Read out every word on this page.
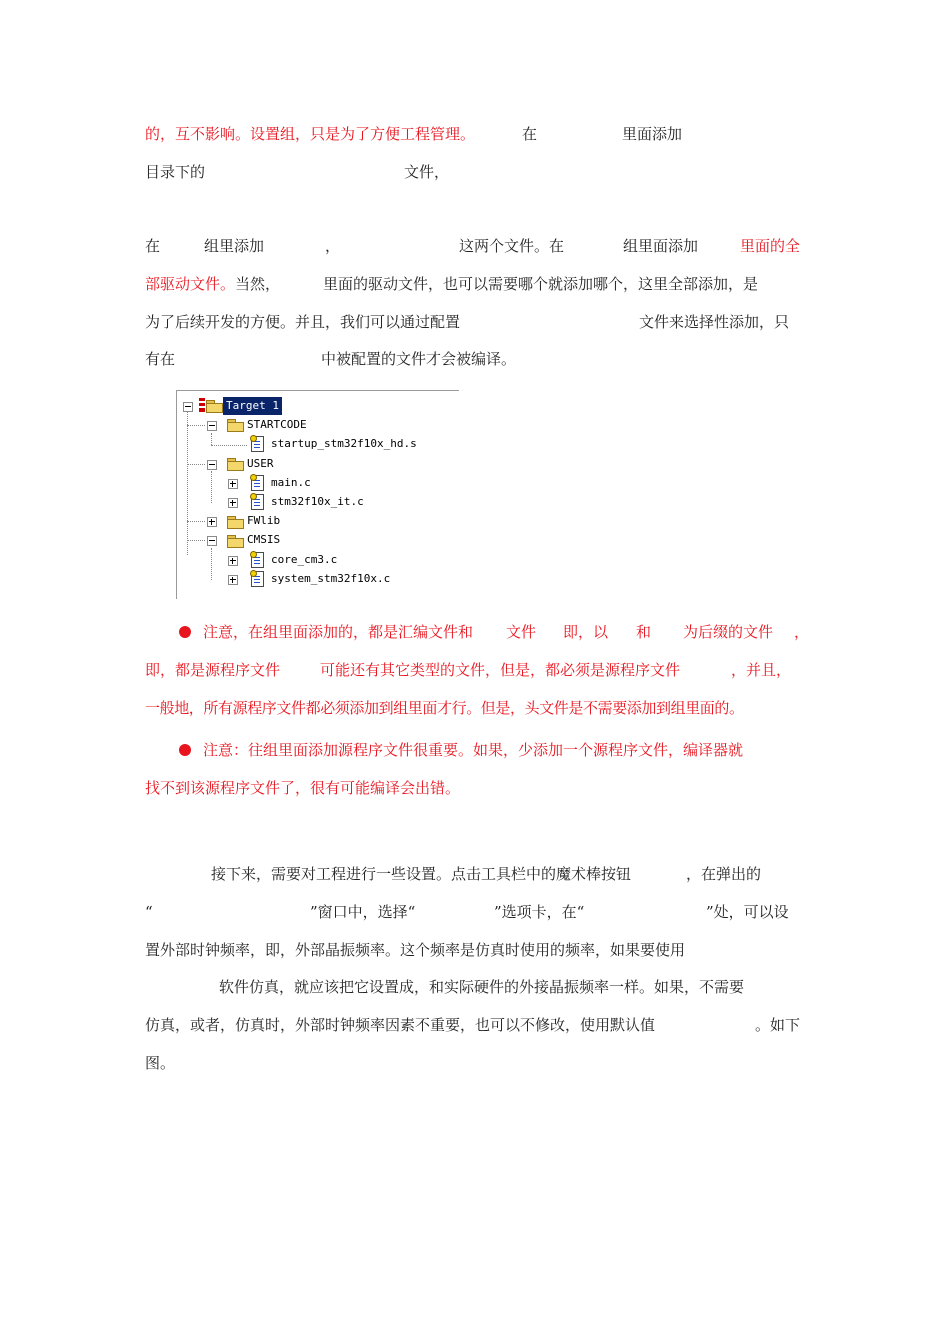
的，互不影响。设置组，只是为了方便工程管理。	在	里面添加
目录下的	文件，
在	组里添加	，	这两个文件。在	组里面添加	里面的全
部驱动文件。 当然，	里面的驱动文件，也可以需要哪个就添加哪个，这里全部添加，是
为了后续开发的方便。并且，我们可以通过配置	文件来选择性添加，只
有在	中被配置的文件才会被编译。
Target 1
STARTCODE
startup_stm32f10x_hd.s
USER
main.c
stm32f10x_it.c
FWlib
CMSIS
core_cm3.c
system_stm32f10x.c
注意，在组里面添加的，都是汇编文件和 文件 即，以 和 为后缀的文件 ，
即，都是源程序文件	可能还有其它类型的文件，但是，都必须是源程序文件	，并且，
一般地，所有源程序文件都必须添加到组里面才行。但是，头文件是不需要添加到组里面的。
注意：往组里面添加源程序文件很重要。如果，少添加一个源程序文件，编译器就
找不到该源程序文件了，很有可能编译会出错。
接下来，需要对工程进行一些设置。点击工具栏中的魔术棒按钮	，在弹出的
“	”窗口中，选择“	”选项卡，在“	”处，可以设
置外部时钟频率，即，外部晶振频率。这个频率是仿真时使用的频率，如果要使用
软件仿真，就应该把它设置成，和实际硬件的外接晶振频率一样。如果，不需要
仿真，或者，仿真时，外部时钟频率因素不重要，也可以不修改，使用默认值	。如下
图。
